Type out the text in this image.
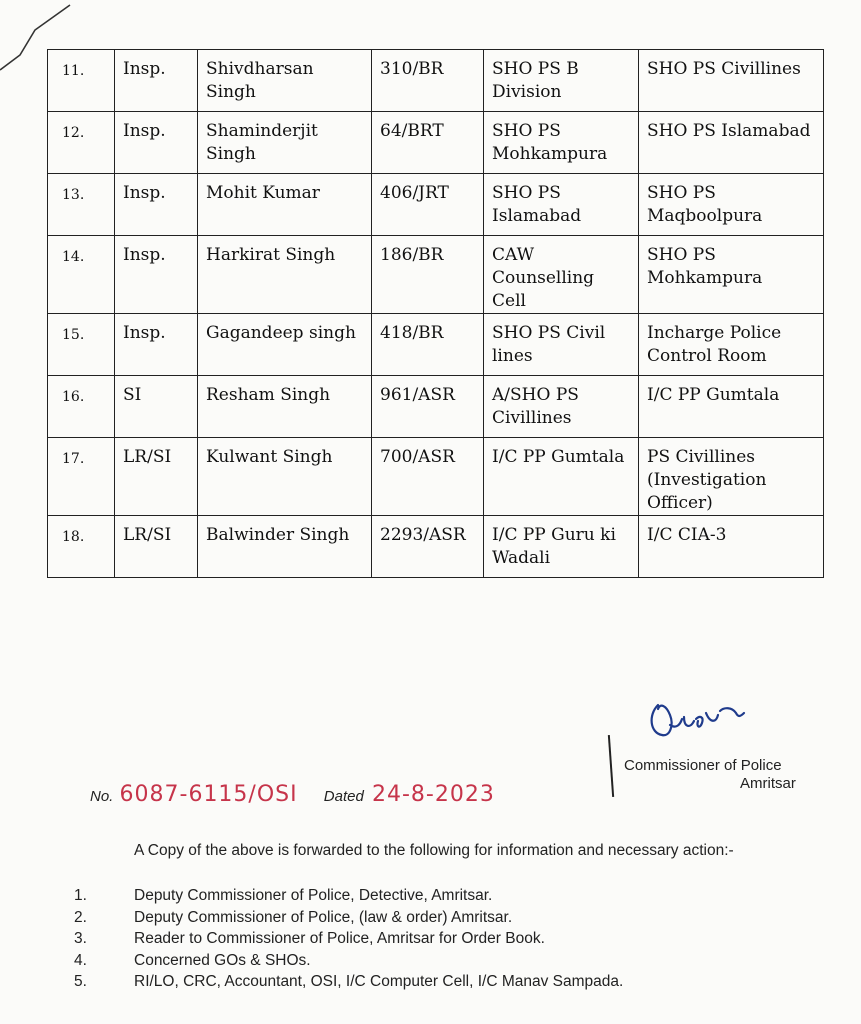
11.	Insp.	Shivdharsan Singh	310/BR	SHO PS B Division	SHO PS Civillines
12.	Insp.	Shaminderjit Singh	64/BRT	SHO PS Mohkampura	SHO PS Islamabad
13.	Insp.	Mohit Kumar	406/JRT	SHO PS Islamabad	SHO PS Maqboolpura
14.	Insp.	Harkirat Singh	186/BR	CAW Counselling Cell	SHO PS Mohkampura
15.	Insp.	Gagandeep singh	418/BR	SHO PS Civil lines	Incharge Police Control Room
16.	SI	Resham Singh	961/ASR	A/SHO PS Civillines	I/C PP Gumtala
17.	LR/SI	Kulwant Singh	700/ASR	I/C PP Gumtala	PS Civillines (Investigation Officer)
18.	LR/SI	Balwinder Singh	2293/ASR	I/C PP Guru ki Wadali	I/C CIA-3
Commissioner of Police
Amritsar
No. 6087-6115/OSI Dated 24-8-2023
A Copy of the above is forwarded to the following for information and necessary action:-
1.	Deputy Commissioner of Police, Detective, Amritsar.
2.	Deputy Commissioner of Police, (law & order) Amritsar.
3.	Reader to Commissioner of Police, Amritsar for Order Book.
4.	Concerned GOs & SHOs.
5.	RI/LO, CRC, Accountant, OSI, I/C Computer Cell, I/C Manav Sampada.
